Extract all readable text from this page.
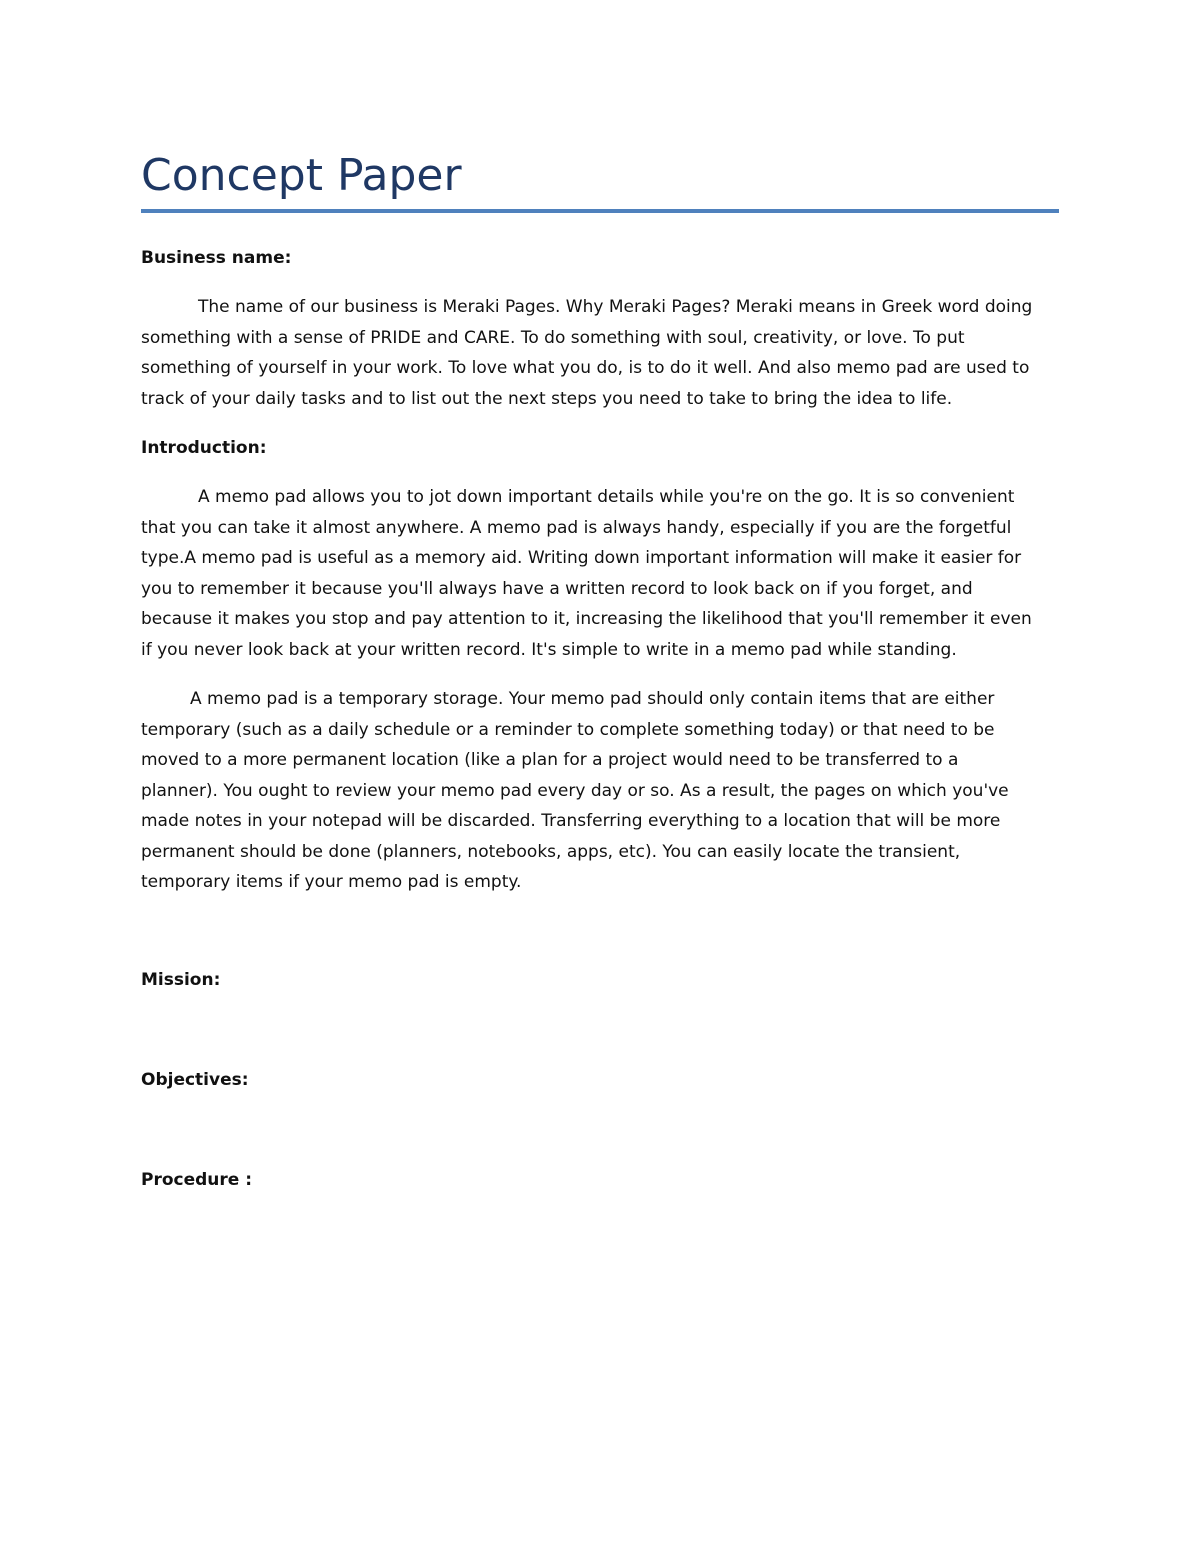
Concept Paper
Business name:
The name of our business is Meraki Pages. Why Meraki Pages? Meraki means in Greek word doing
something with a sense of PRIDE and CARE. To do something with soul, creativity, or love. To put
something of yourself in your work. To love what you do, is to do it well. And also memo pad are used to
track of your daily tasks and to list out the next steps you need to take to bring the idea to life.
Introduction:
A memo pad allows you to jot down important details while you're on the go. It is so convenient
that you can take it almost anywhere. A memo pad is always handy, especially if you are the forgetful
type.A memo pad is useful as a memory aid. Writing down important information will make it easier for
you to remember it because you'll always have a written record to look back on if you forget, and
because it makes you stop and pay attention to it, increasing the likelihood that you'll remember it even
if you never look back at your written record. It's simple to write in a memo pad while standing.
A memo pad is a temporary storage. Your memo pad should only contain items that are either
temporary (such as a daily schedule or a reminder to complete something today) or that need to be
moved to a more permanent location (like a plan for a project would need to be transferred to a
planner). You ought to review your memo pad every day or so. As a result, the pages on which you've
made notes in your notepad will be discarded. Transferring everything to a location that will be more
permanent should be done (planners, notebooks, apps, etc). You can easily locate the transient,
temporary items if your memo pad is empty.
Mission:
Objectives:
Procedure :
